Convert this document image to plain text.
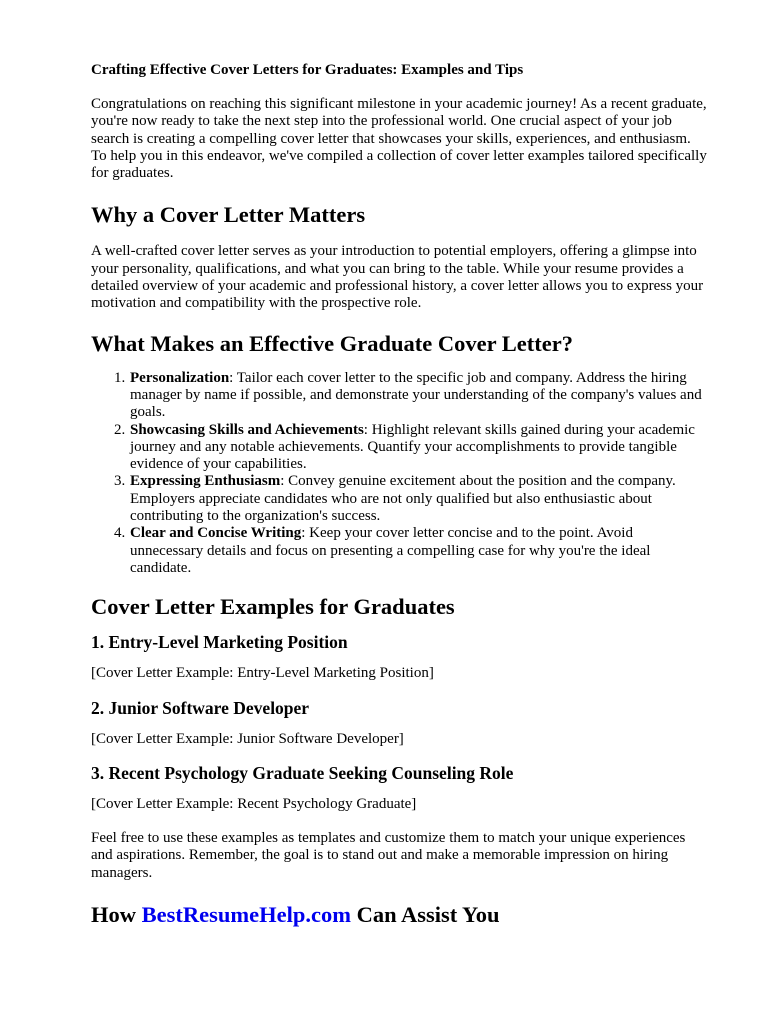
Crafting Effective Cover Letters for Graduates: Examples and Tips

Congratulations on reaching this significant milestone in your academic journey! As a recent graduate, you're now ready to take the next step into the professional world. One crucial aspect of your job search is creating a compelling cover letter that showcases your skills, experiences, and enthusiasm. To help you in this endeavor, we've compiled a collection of cover letter examples tailored specifically for graduates.

Why a Cover Letter Matters

A well-crafted cover letter serves as your introduction to potential employers, offering a glimpse into your personality, qualifications, and what you can bring to the table. While your resume provides a detailed overview of your academic and professional history, a cover letter allows you to express your motivation and compatibility with the prospective role.

What Makes an Effective Graduate Cover Letter?
1. Personalization: Tailor each cover letter to the specific job and company. Address the hiring manager by name if possible, and demonstrate your understanding of the company's values and goals.
2. Showcasing Skills and Achievements: Highlight relevant skills gained during your academic journey and any notable achievements. Quantify your accomplishments to provide tangible evidence of your capabilities.
3. Expressing Enthusiasm: Convey genuine excitement about the position and the company. Employers appreciate candidates who are not only qualified but also enthusiastic about contributing to the organization's success.
4. Clear and Concise Writing: Keep your cover letter concise and to the point. Avoid unnecessary details and focus on presenting a compelling case for why you're the ideal candidate.
Cover Letter Examples for Graduates
1. Entry-Level Marketing Position

[Cover Letter Example: Entry-Level Marketing Position]

2. Junior Software Developer

[Cover Letter Example: Junior Software Developer]

3. Recent Psychology Graduate Seeking Counseling Role

[Cover Letter Example: Recent Psychology Graduate]

Feel free to use these examples as templates and customize them to match your unique experiences and aspirations. Remember, the goal is to stand out and make a memorable impression on hiring managers.

How BestResumeHelp.com Can Assist You
